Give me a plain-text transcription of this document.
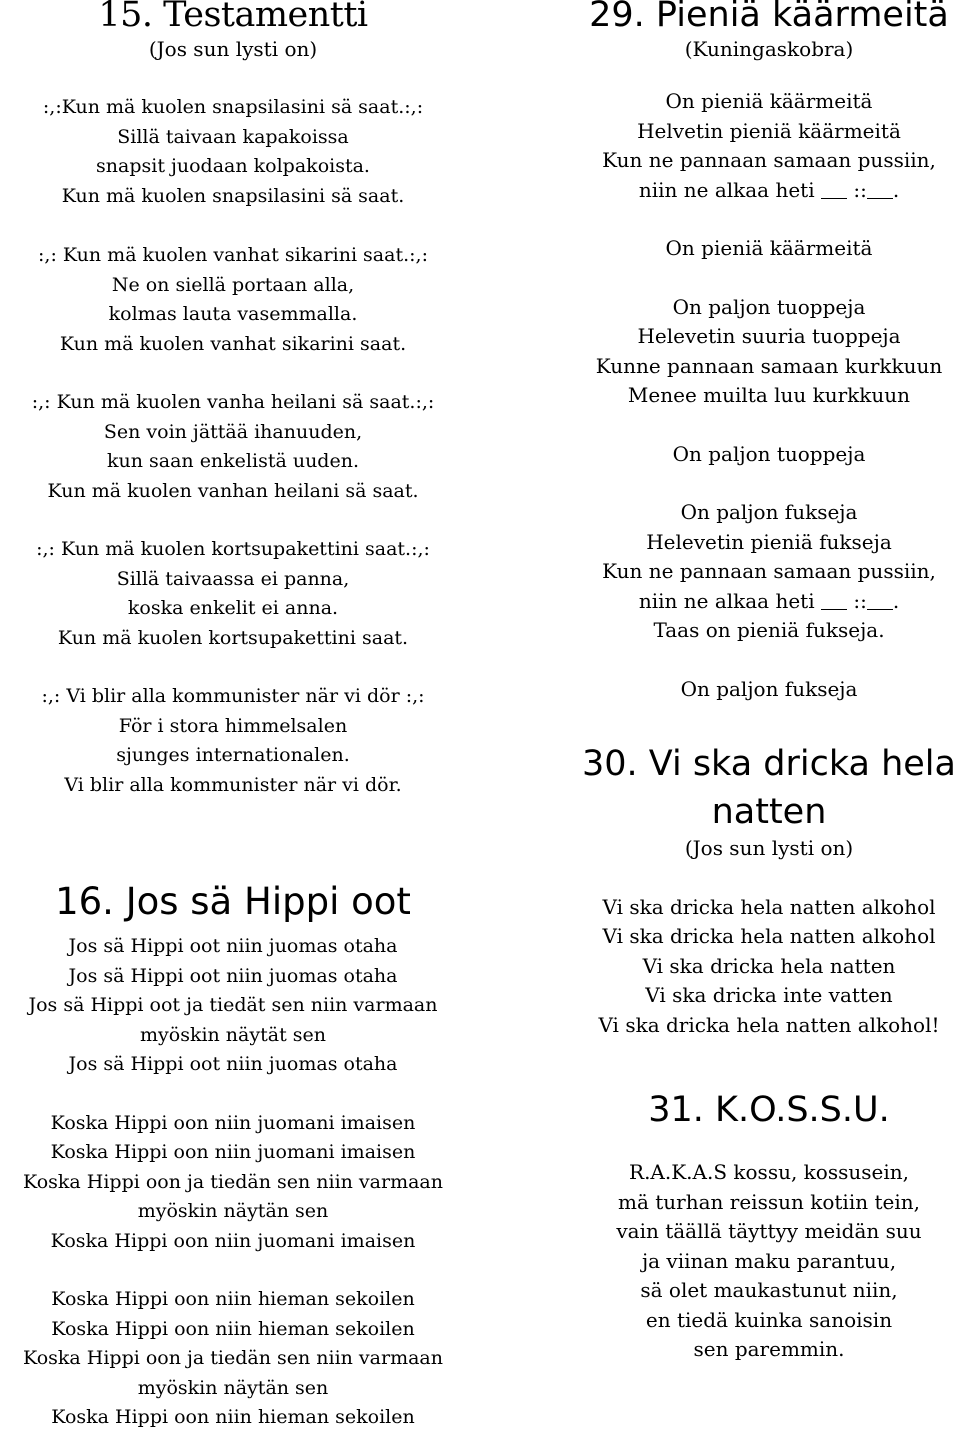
15. Testamentti

(Jos sun lysti on)

:,:Kun mä kuolen snapsilasini sä saat.:,:
Sillä taivaan kapakoissa
snapsit juodaan kolpakoista.
Kun mä kuolen snapsilasini sä saat.
:,: Kun mä kuolen vanhat sikarini saat.:,:
Ne on siellä portaan alla,
kolmas lauta vasemmalla.
Kun mä kuolen vanhat sikarini saat.
:,: Kun mä kuolen vanha heilani sä saat.:,:
Sen voin jättää ihanuuden,
kun saan enkelistä uuden.
Kun mä kuolen vanhan heilani sä saat.
:,: Kun mä kuolen kortsupakettini saat.:,:
Sillä taivaassa ei panna,
koska enkelit ei anna.
Kun mä kuolen kortsupakettini saat.
:,: Vi blir alla kommunister när vi dör :,:
För i stora himmelsalen
sjunges internationalen.
Vi blir alla kommunister när vi dör.
16. Jos sä Hippi oot
Jos sä Hippi oot niin juomas otaha
Jos sä Hippi oot niin juomas otaha
Jos sä Hippi oot ja tiedät sen niin varmaan
myöskin näytät sen
Jos sä Hippi oot niin juomas otaha
Koska Hippi oon niin juomani imaisen
Koska Hippi oon niin juomani imaisen
Koska Hippi oon ja tiedän sen niin varmaan
myöskin näytän sen
Koska Hippi oon niin juomani imaisen
Koska Hippi oon niin hieman sekoilen
Koska Hippi oon niin hieman sekoilen
Koska Hippi oon ja tiedän sen niin varmaan
myöskin näytän sen
Koska Hippi oon niin hieman sekoilen
29. Pieniä käärmeitä

(Kuningaskobra)

On pieniä käärmeitä
Helvetin pieniä käärmeitä
Kun ne pannaan samaan pussiin,
niin ne alkaa heti :: .
On pieniä käärmeitä
On paljon tuoppeja
Helevetin suuria tuoppeja
Kunne pannaan samaan kurkkuun
Menee muilta luu kurkkuun
On paljon tuoppeja
On paljon fukseja
Helevetin pieniä fukseja
Kun ne pannaan samaan pussiin,
niin ne alkaa heti :: .
Taas on pieniä fukseja.
On paljon fukseja
30. Vi ska dricka hela
natten

(Jos sun lysti on)

Vi ska dricka hela natten alkohol
Vi ska dricka hela natten alkohol
Vi ska dricka hela natten
Vi ska dricka inte vatten
Vi ska dricka hela natten alkohol!
31. K.O.S.S.U.
R.A.K.A.S kossu, kossusein,
mä turhan reissun kotiin tein,
vain täällä täyttyy meidän suu
ja viinan maku parantuu,
sä olet maukastunut niin,
en tiedä kuinka sanoisin
sen paremmin.
